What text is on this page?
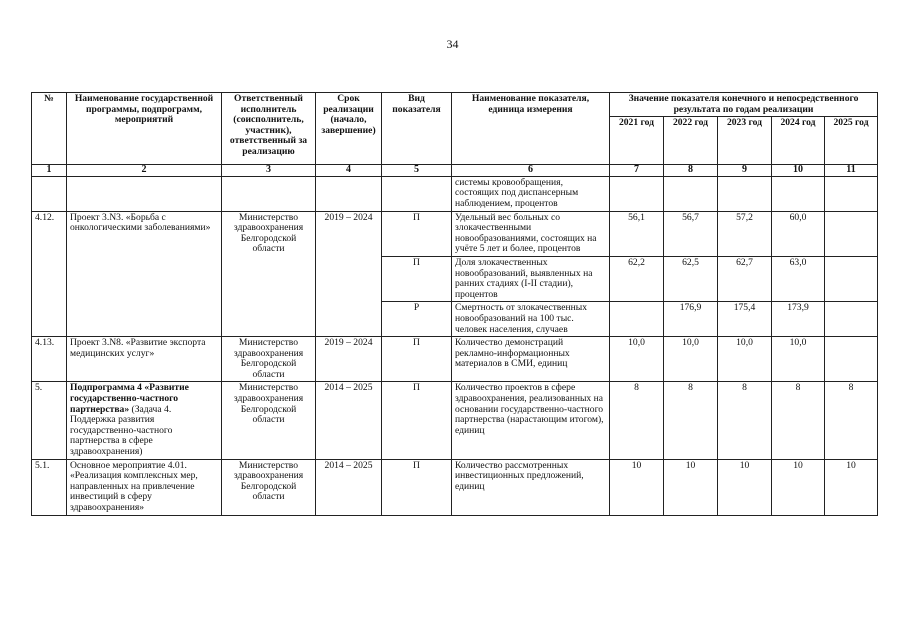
34
№	Наименование государственной программы, подпрограмм, мероприятий	Ответственный исполнитель (соисполнитель, участник), ответственный за реализацию	Срок реализации (начало, завершение)	Вид показателя	Наименование показателя, единица измерения	Значение показателя конечного и непосредственного результата по годам реализации				
						2021 год	2022 год	2023 год	2024 год	2025 год
1	2	3	4	5	6	7	8	9	10	11
					системы кровообращения, состоящих под диспансерным наблюдением, процентов					
4.12.	Проект 3.N3. «Борьба с онкологическими заболеваниями»	Министерство здравоохранения Белгородской области	2019 – 2024	П	Удельный вес больных со злокачественными новообразованиями, состоящих на учёте 5 лет и более, процентов	56,1	56,7	57,2	60,0	
				П	Доля злокачественных новообразований, выявленных на ранних стадиях (I-II стадии), процентов	62,2	62,5	62,7	63,0	
				Р	Смертность от злокачественных новообразований на 100 тыс. человек населения, случаев		176,9	175,4	173,9	
4.13.	Проект 3.N8. «Развитие экспорта медицинских услуг»	Министерство здравоохранения Белгородской области	2019 – 2024	П	Количество демонстраций рекламно-информационных материалов в СМИ, единиц	10,0	10,0	10,0	10,0	
5.	Подпрограмма 4 «Развитие государственно-частного партнерства» (Задача 4. Поддержка развития государственно-частного партнерства в сфере здравоохранения)	Министерство здравоохранения Белгородской области	2014 – 2025	П	Количество проектов в сфере здравоохранения, реализованных на основании государственно-частного партнерства (нарастающим итогом), единиц	8	8	8	8	8
5.1.	Основное мероприятие 4.01. «Реализация комплексных мер, направленных на привлечение инвестиций в сферу здравоохранения»	Министерство здравоохранения Белгородской области	2014 – 2025	П	Количество рассмотренных инвестиционных предложений, единиц	10	10	10	10	10
